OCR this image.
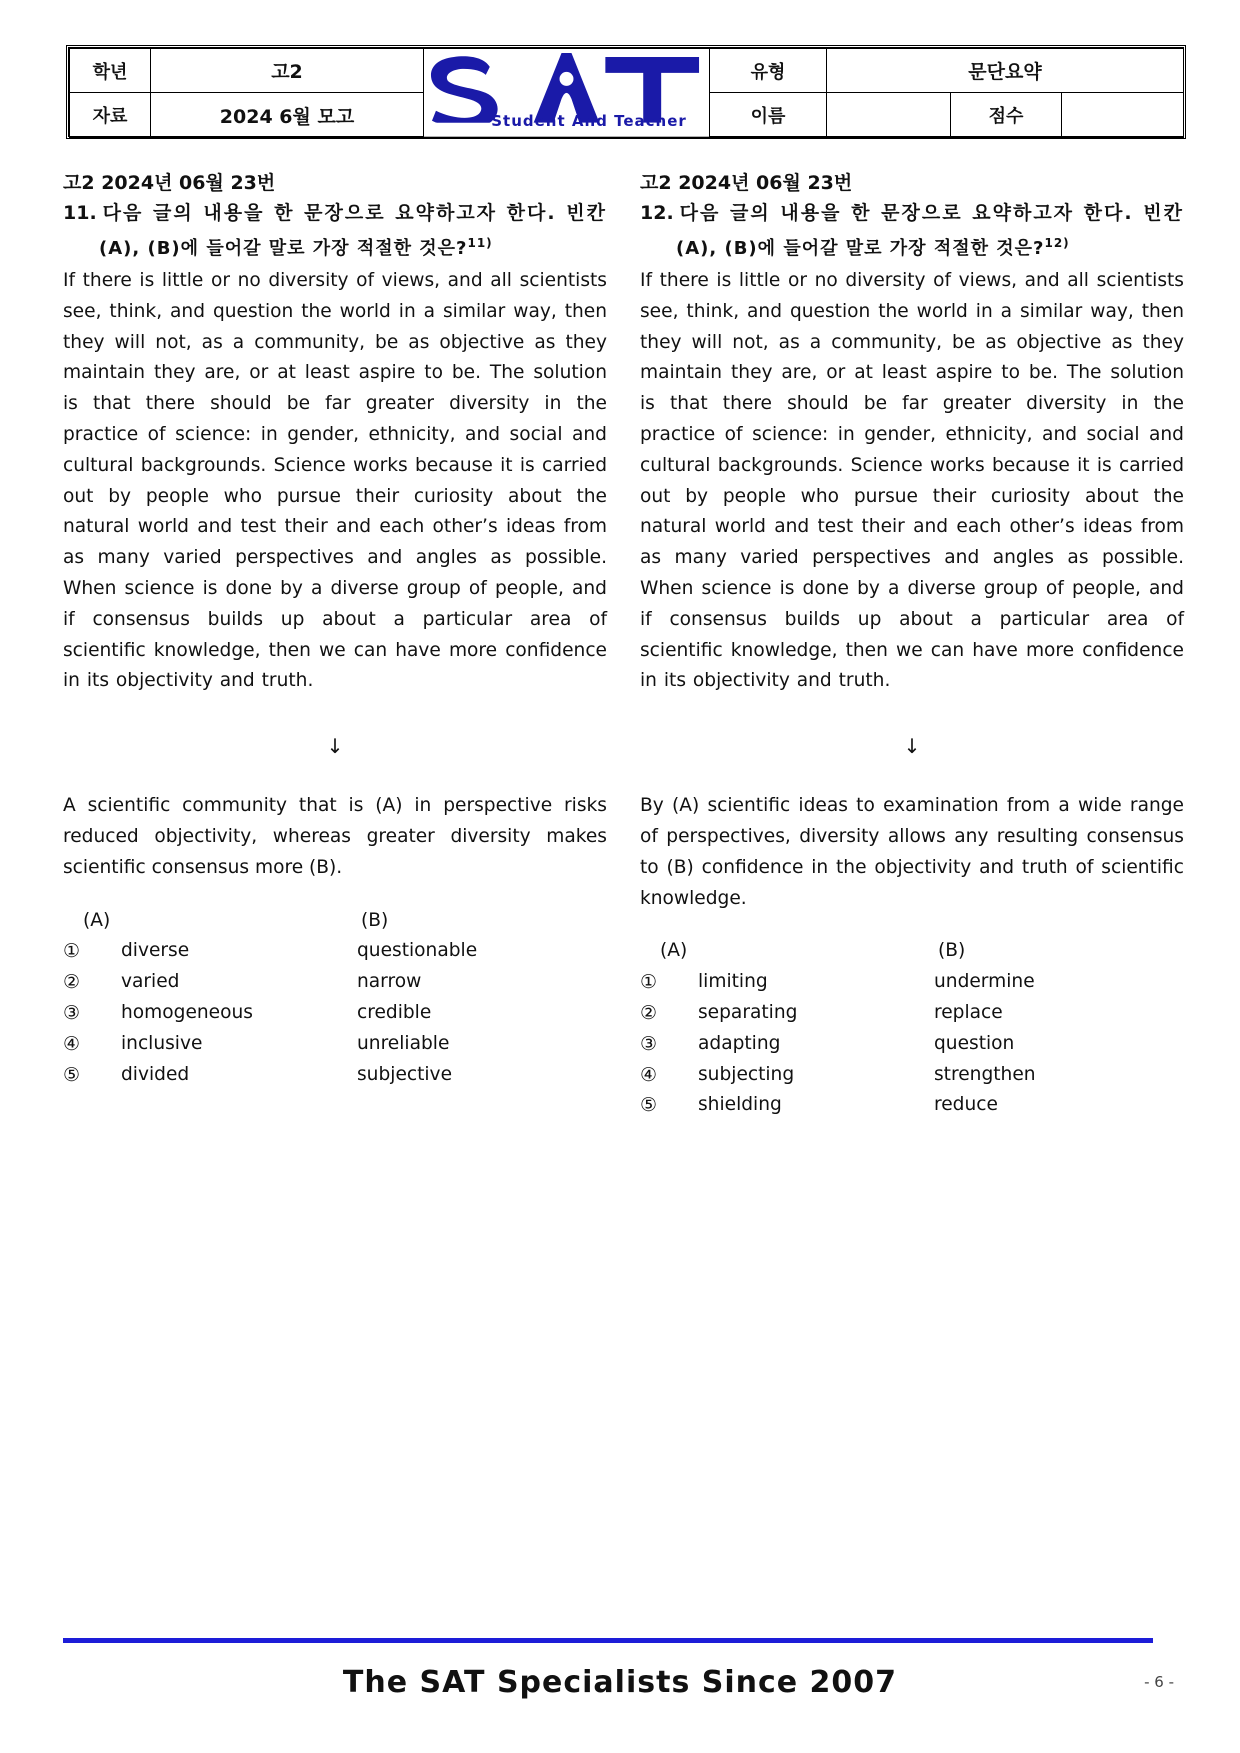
학년	고2	Student And Teacher	유형	문단요약		
자료	2024 6월 모고		이름		점수	
고2 2024년 06월 23번
11. 다음 글의 내용을 한 문장으로 요약하고자 한다. 빈칸
(A), (B)에 들어갈 말로 가장 적절한 것은?$^{11)}$
If there is little or no diversity of views, and all scientists see, think, and question the world in a similar way, then they will not, as a community, be as objective as they maintain they are, or at least aspire to be. The solution is that there should be far greater diversity in the practice of science: in gender, ethnicity, and social and cultural backgrounds. Science works because it is carried out by people who pursue their curiosity about the natural world and test their and each other’s ideas from as many varied perspectives and angles as possible. When science is done by a diverse group of people, and if consensus builds up about a particular area of scientific knowledge, then we can have more confidence in its objectivity and truth.
↓
A scientific community that is (A) in perspective risks reduced objectivity, whereas greater diversity makes scientific consensus more (B).
(A)	(B)
①	diverse	questionable
②	varied	narrow
③	homogeneous	credible
④	inclusive	unreliable
⑤	divided	subjective
고2 2024년 06월 23번
12. 다음 글의 내용을 한 문장으로 요약하고자 한다. 빈칸
(A), (B)에 들어갈 말로 가장 적절한 것은?$^{12)}$
If there is little or no diversity of views, and all scientists see, think, and question the world in a similar way, then they will not, as a community, be as objective as they maintain they are, or at least aspire to be. The solution is that there should be far greater diversity in the practice of science: in gender, ethnicity, and social and cultural backgrounds. Science works because it is carried out by people who pursue their curiosity about the natural world and test their and each other’s ideas from as many varied perspectives and angles as possible. When science is done by a diverse group of people, and if consensus builds up about a particular area of scientific knowledge, then we can have more confidence in its objectivity and truth.
↓
By (A) scientific ideas to examination from a wide range of perspectives, diversity allows any resulting consensus to (B) confidence in the objectivity and truth of scientific knowledge.
(A)	(B)
①	limiting	undermine
②	separating	replace
③	adapting	question
④	subjecting	strengthen
⑤	shielding	reduce
The SAT Specialists Since 2007	- 6 -
